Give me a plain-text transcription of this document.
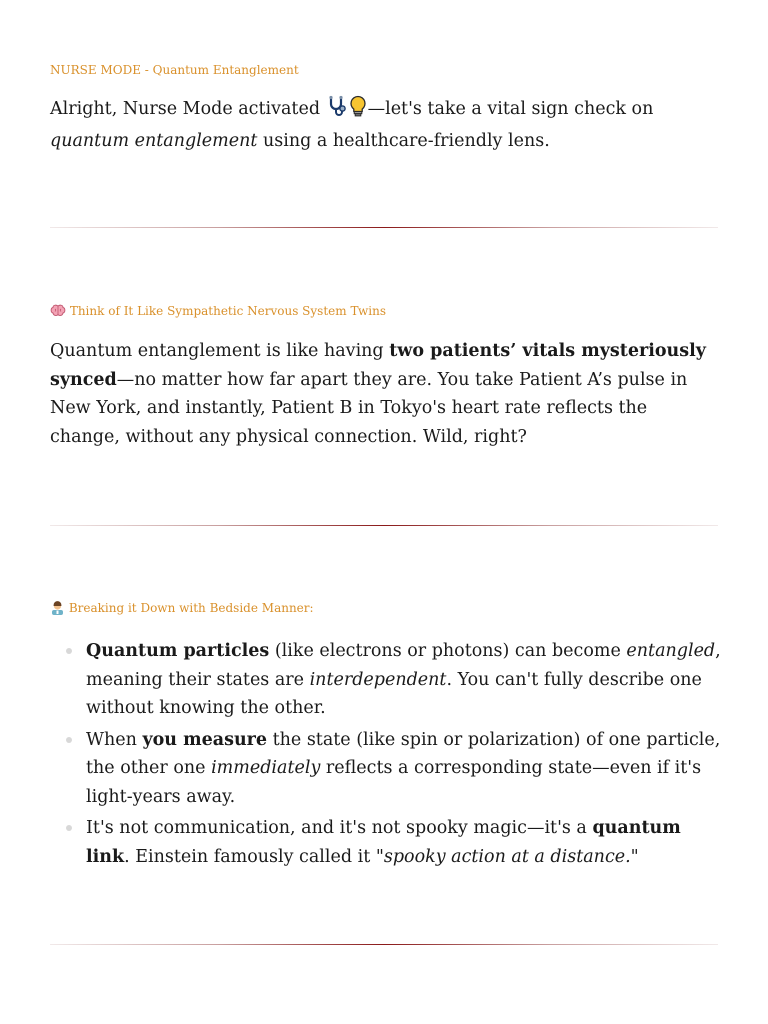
NURSE MODE - Quantum Entanglement

Alright, Nurse Mode activated —let's take a vital sign check on quantum entanglement using a healthcare-friendly lens.

Think of It Like Sympathetic Nervous System Twins

Quantum entanglement is like having two patients’ vitals mysteriously synced—no matter how far apart they are. You take Patient A’s pulse in New York, and instantly, Patient B in Tokyo's heart rate reflects the change, without any physical connection. Wild, right?

Breaking it Down with Bedside Manner:

Quantum particles (like electrons or photons) can become entangled, meaning their states are interdependent. You can't fully describe one without knowing the other.
When you measure the state (like spin or polarization) of one particle, the other one immediately reflects a corresponding state—even if it's light-years away.
It's not communication, and it's not spooky magic—it's a quantum link. Einstein famously called it "spooky action at a distance."
